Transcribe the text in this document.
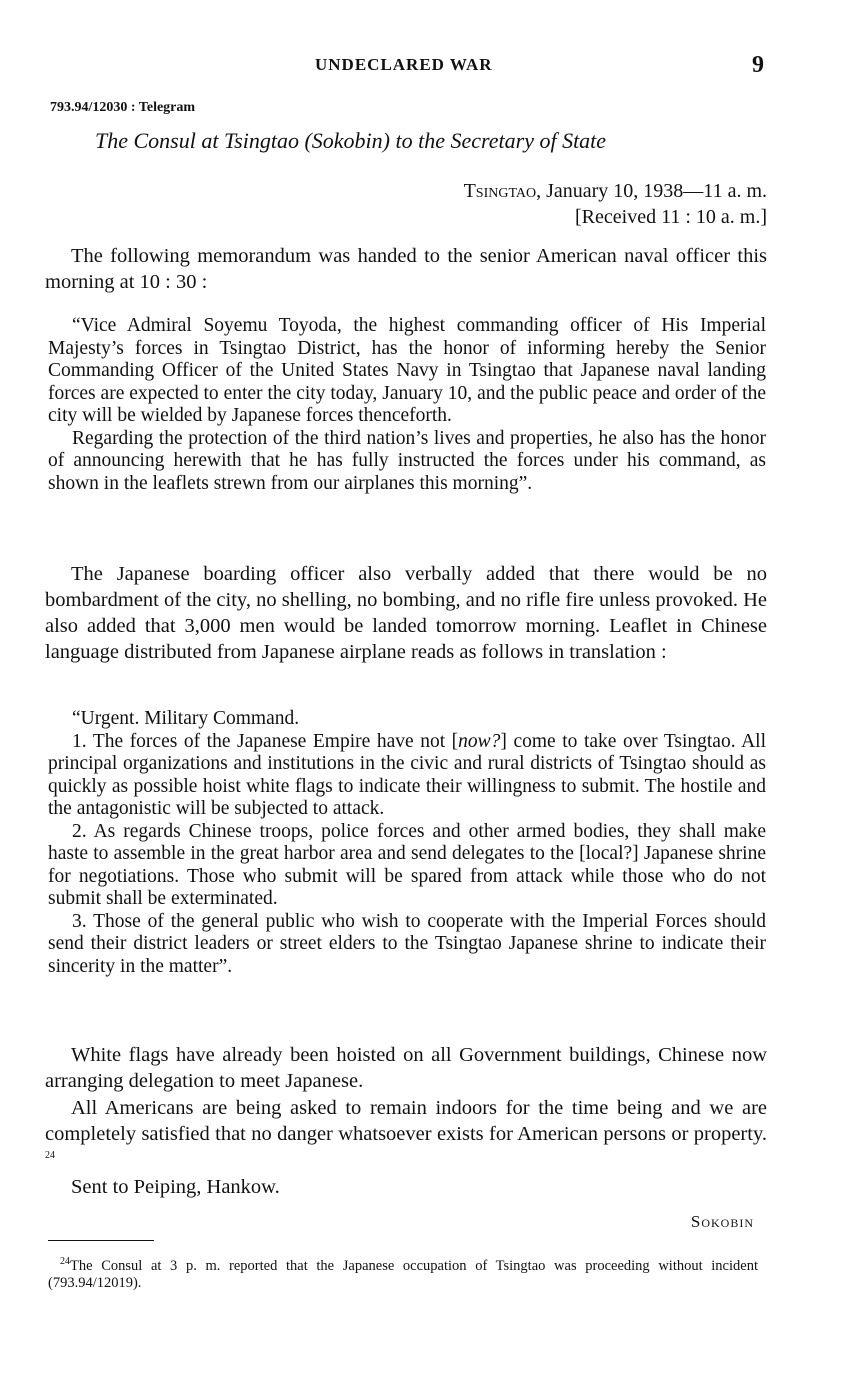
UNDECLARED WAR	9
793.94/12030 : Telegram
The Consul at Tsingtao (Sokobin) to the Secretary of State
Tsingtao, January 10, 1938—11 a. m.
[Received 11 : 10 a. m.]

The following memorandum was handed to the senior American naval officer this morning at 10 : 30 :

“Vice Admiral Soyemu Toyoda, the highest commanding officer of His Imperial Majesty’s forces in Tsingtao District, has the honor of informing hereby the Senior Commanding Officer of the United States Navy in Tsingtao that Japanese naval landing forces are expected to enter the city today, January 10, and the public peace and order of the city will be wielded by Japanese forces thenceforth.

Regarding the protection of the third nation’s lives and properties, he also has the honor of announcing herewith that he has fully instructed the forces under his command, as shown in the leaflets strewn from our airplanes this morning”.

The Japanese boarding officer also verbally added that there would be no bombardment of the city, no shelling, no bombing, and no rifle fire unless provoked. He also added that 3,000 men would be landed tomorrow morning. Leaflet in Chinese language distributed from Japanese airplane reads as follows in translation :

“Urgent. Military Command.

1. The forces of the Japanese Empire have not [now?] come to take over Tsingtao. All principal organizations and institutions in the civic and rural districts of Tsingtao should as quickly as possible hoist white flags to indicate their willingness to submit. The hostile and the antagonistic will be subjected to attack.

2. As regards Chinese troops, police forces and other armed bodies, they shall make haste to assemble in the great harbor area and send delegates to the [local?] Japanese shrine for negotiations. Those who submit will be spared from attack while those who do not submit shall be exterminated.

3. Those of the general public who wish to cooperate with the Imperial Forces should send their district leaders or street elders to the Tsingtao Japanese shrine to indicate their sincerity in the matter”.

White flags have already been hoisted on all Government buildings, Chinese now arranging delegation to meet Japanese.

All Americans are being asked to remain indoors for the time being and we are completely satisfied that no danger whatsoever exists for American persons or property. $^{24}$

Sent to Peiping, Hankow.

Sokobin
$^{24}$The Consul at 3 p. m. reported that the Japanese occupation of Tsingtao was proceeding without incident (793.94/12019).
